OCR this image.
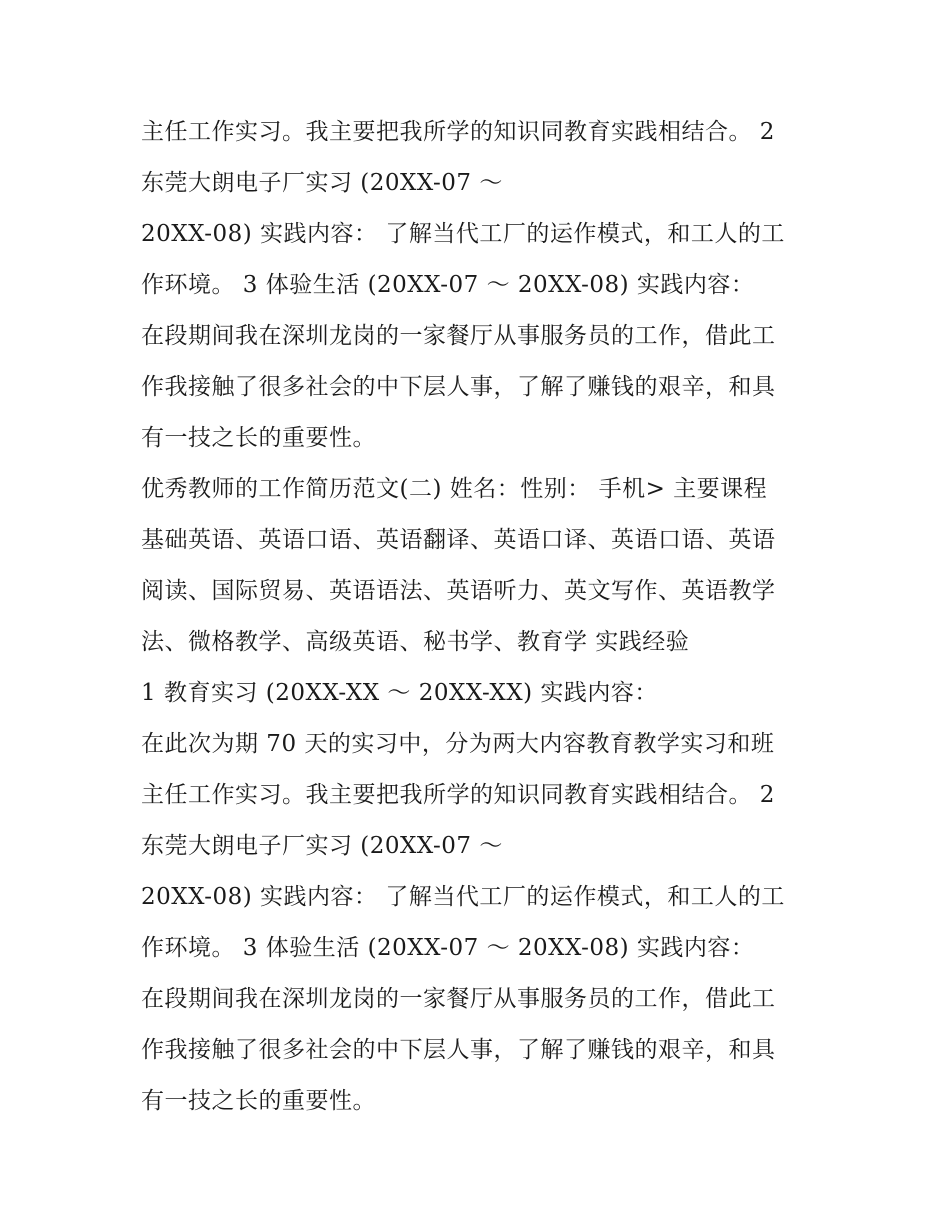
主任工作实习。我主要把我所学的知识同教育实践相结合。 2
东莞大朗电子厂实习 (20XX-07 ～
20XX-08) 实践内容： 了解当代工厂的运作模式，和工人的工
作环境。 3 体验生活 (20XX-07 ～ 20XX-08) 实践内容：
在段期间我在深圳龙岗的一家餐厅从事服务员的工作，借此工
作我接触了很多社会的中下层人事，了解了赚钱的艰辛，和具
有一技之长的重要性。
优秀教师的工作简历范文(二) 姓名：性别： 手机> 主要课程
基础英语、英语口语、英语翻译、英语口译、英语口语、英语
阅读、国际贸易、英语语法、英语听力、英文写作、英语教学
法、微格教学、高级英语、秘书学、教育学 实践经验
1 教育实习 (20XX-XX ～ 20XX-XX) 实践内容：
在此次为期 70 天的实习中，分为两大内容教育教学实习和班
主任工作实习。我主要把我所学的知识同教育实践相结合。 2
东莞大朗电子厂实习 (20XX-07 ～
20XX-08) 实践内容： 了解当代工厂的运作模式，和工人的工
作环境。 3 体验生活 (20XX-07 ～ 20XX-08) 实践内容：
在段期间我在深圳龙岗的一家餐厅从事服务员的工作，借此工
作我接触了很多社会的中下层人事，了解了赚钱的艰辛，和具
有一技之长的重要性。
